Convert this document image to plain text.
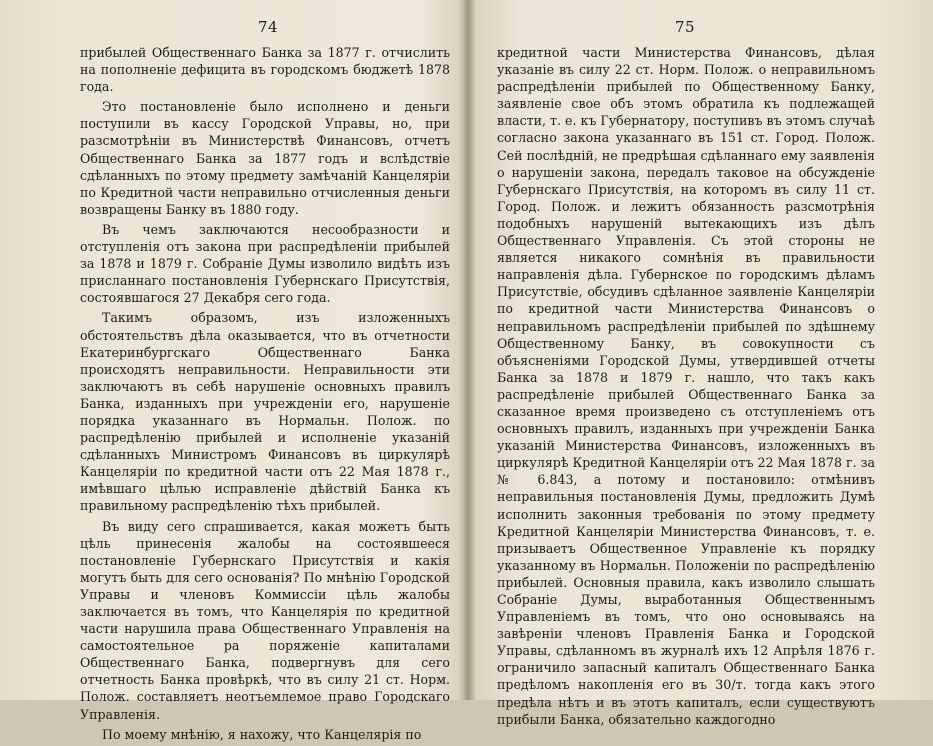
74

прибылей Общественнаго Банка за 1877 г. отчислить на пополненіе дефицита въ городскомъ бюджетѣ 1878 года.

Это постановленіе было исполнено и деньги поступили въ кассу Городской Управы, но, при разсмотрѣніи въ Министерствѣ Финансовъ, отчетъ Общественнаго Банка за 1877 годъ и вслѣдствіе сдѣланныхъ по этому предмету замѣчаній Канцеляріи по Кредитной части неправильно отчисленныя деньги возвращены Банку въ 1880 году.

Въ чемъ заключаются несообразности и отступленія отъ закона при распредѣленіи прибылей за 1878 и 1879 г. Собраніе Думы изволило видѣть изъ присланнаго постановленія Губернскаго Присутствія, состоявшагося 27 Декабря сего года.

Такимъ образомъ, изъ изложенныхъ обстоятельствъ дѣла оказывается, что въ отчетности Екатеринбургскаго Общественнаго Банка происходятъ неправильности. Неправильности эти заключаютъ въ себѣ нарушеніе основныхъ правилъ Банка, изданныхъ при учрежденіи его, нарушеніе порядка указаннаго въ Нормальн. Полож. по распредѣленію прибылей и исполненіе указаній сдѣланныхъ Министромъ Финансовъ въ циркулярѣ Канцеляріи по кредитной части отъ 22 Мая 1878 г., имѣвшаго цѣлью исправленіе дѣйствій Банка къ правильному распредѣленію тѣхъ прибылей.

Въ виду сего спрашивается, какая можетъ быть цѣль принесенія жалобы на состоявшееся постановленіе Губернскаго Присутствія и какія могутъ быть для сего основанія? По мнѣнію Городской Управы и членовъ Коммиссіи цѣль жалобы заключается въ томъ, что Канцелярія по кредитной части нарушила права Общественнаго Управленія на самостоятельное ра поряженіе капиталами Общественнаго Банка, подвергнувъ для сего отчетность Банка провѣркѣ, что въ силу 21 ст. Норм. Полож. составляетъ неотъемлемое право Городскаго Управленія.

По моему мнѣнію, я нахожу, что Канцелярія по

75

кредитной части Министерства Финансовъ, дѣлая указаніе въ силу 22 ст. Норм. Полож. о неправильномъ распредѣленіи прибылей по Общественному Банку, заявленіе свое объ этомъ обратила къ подлежащей власти, т. е. къ Губернатору, поступивъ въ этомъ случаѣ согласно закона указаннаго въ 151 ст. Город. Полож. Сей послѣдній, не предрѣшая сдѣланнаго ему заявленія о нарушеніи закона, передалъ таковое на обсужденіе Губернскаго Присутствія, на которомъ въ силу 11 ст. Город. Полож. и лежитъ обязанность разсмотрѣнія подобныхъ нарушеній вытекающихъ изъ дѣлъ Общественнаго Управленія. Съ этой стороны не является никакого сомнѣнія въ правильности направленія дѣла. Губернское по городскимъ дѣламъ Присутствіе, обсудивъ сдѣланное заявленіе Канцеляріи по кредитной части Министерства Финансовъ о неправильномъ распредѣленіи прибылей по здѣшнему Общественному Банку, въ совокупности съ объясненіями Городской Думы, утвердившей отчеты Банка за 1878 и 1879 г. нашло, что такъ какъ распредѣленіе прибылей Общественнаго Банка за сказанное время произведено съ отступленіемъ отъ основныхъ правилъ, изданныхъ при учрежденіи Банка указаній Министерства Финансовъ, изложенныхъ въ циркулярѣ Кредитной Канцеляріи отъ 22 Мая 1878 г. за № 6.843, а потому и постановило: отмѣнивъ неправильныя постановленія Думы, предложить Думѣ исполнить законныя требованія по этому предмету Кредитной Канцеляріи Министерства Финансовъ, т. е. призываетъ Общественное Управленіе къ порядку указанному въ Нормальн. Положеніи по распредѣленію прибылей. Основныя правила, какъ изволило слышать Собраніе Думы, выработанныя Общественнымъ Управленіемъ въ томъ, что оно основываясь на завѣреніи членовъ Правленія Банка и Городской Управы, сдѣланномъ въ журналѣ ихъ 12 Апрѣля 1876 г. ограничило запасный капиталъ Общественнаго Банка предѣломъ накопленія его въ 30/т. тогда какъ этого предѣла нѣтъ и въ этотъ капиталъ, если существуютъ прибыли Банка, обязательно каждогодно
